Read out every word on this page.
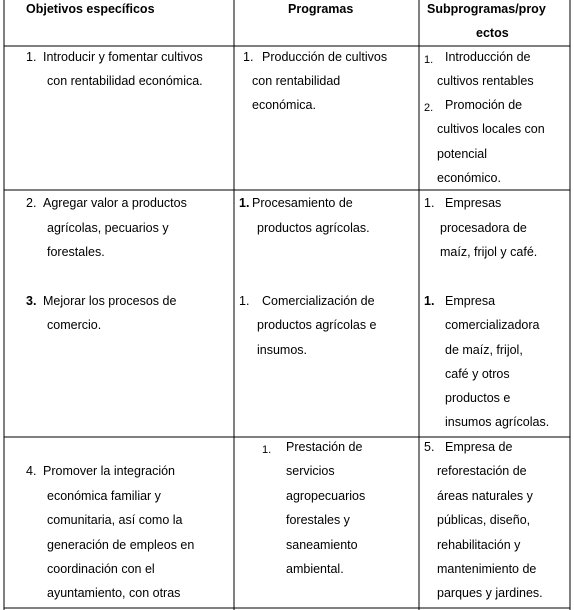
Objetivos específicos	Programas	Subprogramas/proy
ectos
1. Introducir y fomentar cultivos
con rentabilidad económica.
1. Producción de cultivos
con rentabilidad
económica.
1. Introducción de
cultivos rentables
2. Promoción de
cultivos locales con
potencial
económico.
2. Agregar valor a productos
agrícolas, pecuarios y
forestales.
3. Mejorar los procesos de
comercio.
1. Procesamiento de
productos agrícolas.
1. Comercialización de
productos agrícolas e
insumos.
1. Empresas
procesadora de
maíz, frijol y café.
1. Empresa
comercializadora
de maíz, frijol,
café y otros
productos e
insumos agrícolas.
4. Promover la integración
económica familiar y
comunitaria, así como la
generación de empleos en
coordinación con el
ayuntamiento, con otras
1. Prestación de
servicios
agropecuarios
forestales y
saneamiento
ambiental.
5. Empresa de
reforestación de
áreas naturales y
públicas, diseño,
rehabilitación y
mantenimiento de
parques y jardines.
